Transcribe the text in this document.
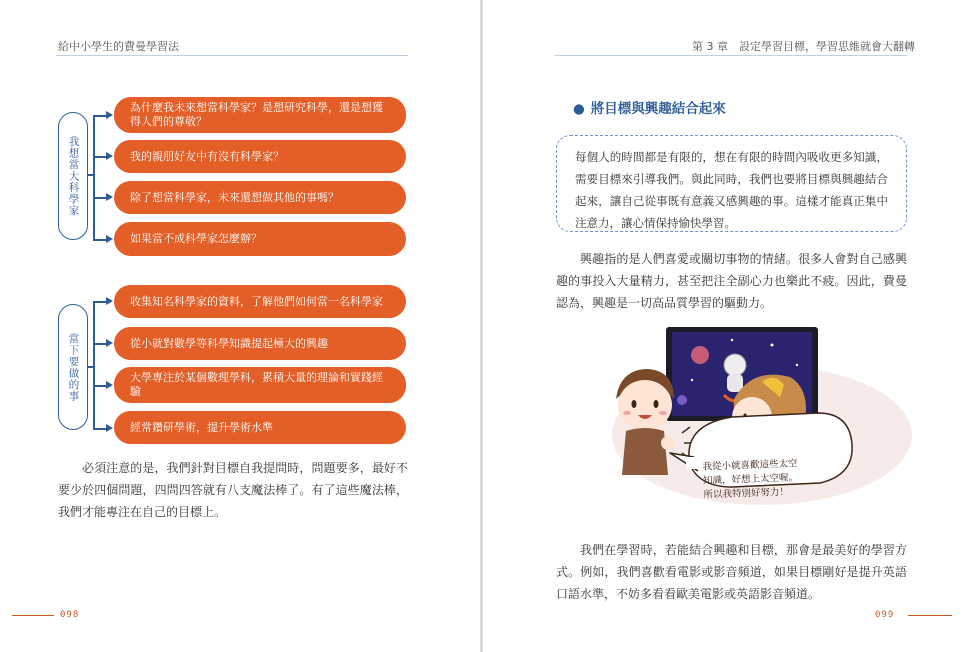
給中小學生的費曼學習法
我想當大科學家
為什麼我未來想當科學家？是想研究科學，還是想獲得人們的尊敬？
我的親朋好友中有沒有科學家？
除了想當科學家，未來還想做其他的事嗎？
如果當不成科學家怎麼辦？
當下要做的事
收集知名科學家的資料，了解他們如何當一名科學家
從小就對數學等科學知識提起極大的興趣
大學專注於某個數理學科，累積大量的理論和實踐經驗
經常鑽研學術，提升學術水準
必須注意的是，我們針對目標自我提問時，問題要多，最好不要少於四個問題，四問四答就有八支魔法棒了。有了這些魔法棒，我們才能專注在自己的目標上。
098
第 3 章　設定學習目標，學習思維就會大翻轉
● 將目標與興趣結合起來
每個人的時間都是有限的，想在有限的時間內吸收更多知識，需要目標來引導我們。與此同時，我們也要將目標與興趣結合起來，讓自己從事既有意義又感興趣的事。這樣才能真正集中注意力，讓心情保持愉快學習。
興趣指的是人們喜愛或關切事物的情緒。很多人會對自己感興趣的事投入大量精力，甚至把注全副心力也樂此不疲。因此，費曼認為，興趣是一切高品質學習的驅動力。
我們在學習時，若能結合興趣和目標，那會是最美好的學習方式。例如，我們喜歡看電影或影音頻道，如果目標剛好是提升英語口語水準，不妨多看看歐美電影或英語影音頻道。
099
我從小就喜歡這些太空
知識，好想上太空喔。
所以我特別好努力！
